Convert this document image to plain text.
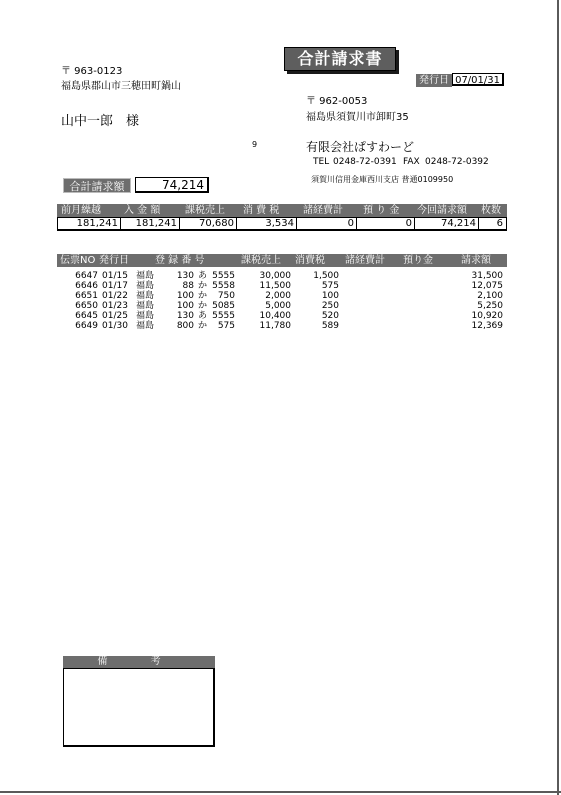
合計請求書
〒 963-0123
福島県郡山市三穂田町鍋山
山中一郎　様
発行日 07/01/31
〒 962-0053
福島県須賀川市卸町35
9	有限会社ぱすわーど
TEL 0248-72-0391 FAX 0248-72-0392
須賀川信用金庫西川支店 普通0109950
合計請求額	74,214
前月繰越 入 金 額 課税売上 消 費 税 諸経費計 預 り 金 今回請求額 枚数
181,241 181,241 70,680	3,534	0	0	74,214 6
伝票NO 発行日	登 録 番 号	課税売上 消費税 諸経費計 預り金	請求額
6647 01/15 福島	130 あ 5555	30,000 1,500	31,500
6646 01/17 福島	88 か 5558	11,500	575	12,075
6651 01/22 福島	100 か 750	2,000	100	2,100
6650 01/23 福島	100 か 5085	5,000	250	5,250
6645 01/25 福島	130 あ 5555	10,400	520	10,920
6649 01/30 福島	800 か 575	11,780	589	12,369
備 考
